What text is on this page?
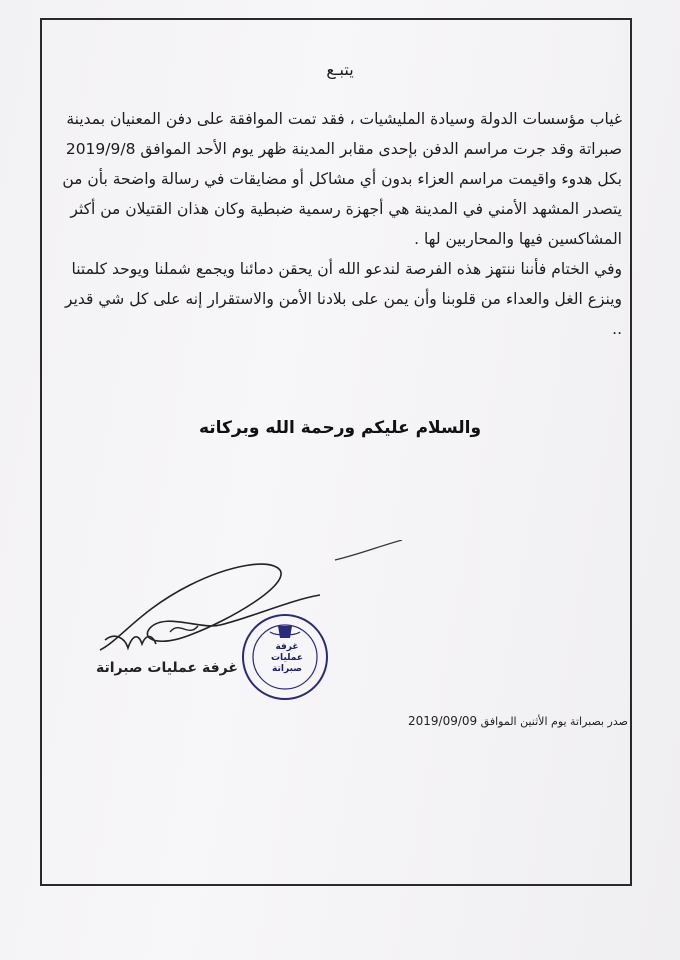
يتبـع

غياب مؤسسات الدولة وسيادة المليشيات ، فقد تمت الموافقة على دفن المعنيان بمدينة صبراتة وقد جرت مراسم الدفن بإحدى مقابر المدينة ظهر يوم الأحد الموافق 2019/9/8 بكل هدوء واقيمت مراسم العزاء بدون أي مشاكل أو مضايقات في رسالة واضحة بأن من يتصدر المشهد الأمني في المدينة هي أجهزة رسمية ضبطية وكان هذان القتيلان من أكثر المشاكسين فيها والمحاربين لها .

وفي الختام فأننا ننتهز هذه الفرصة لندعو الله أن يحقن دمائنا ويجمع شملنا ويوحد كلمتنا وينزع الغل والعداء من قلوبنا وأن يمن على بلادنا الأمن والاستقرار إنه على كل شي قدير ..

والسلام عليكم ورحمة الله وبركاته
غرفة عمليات صبراتة
غرفة عمليات
صبراتة
صدر بصبراتة يوم الأثنين الموافق 2019/09/09
